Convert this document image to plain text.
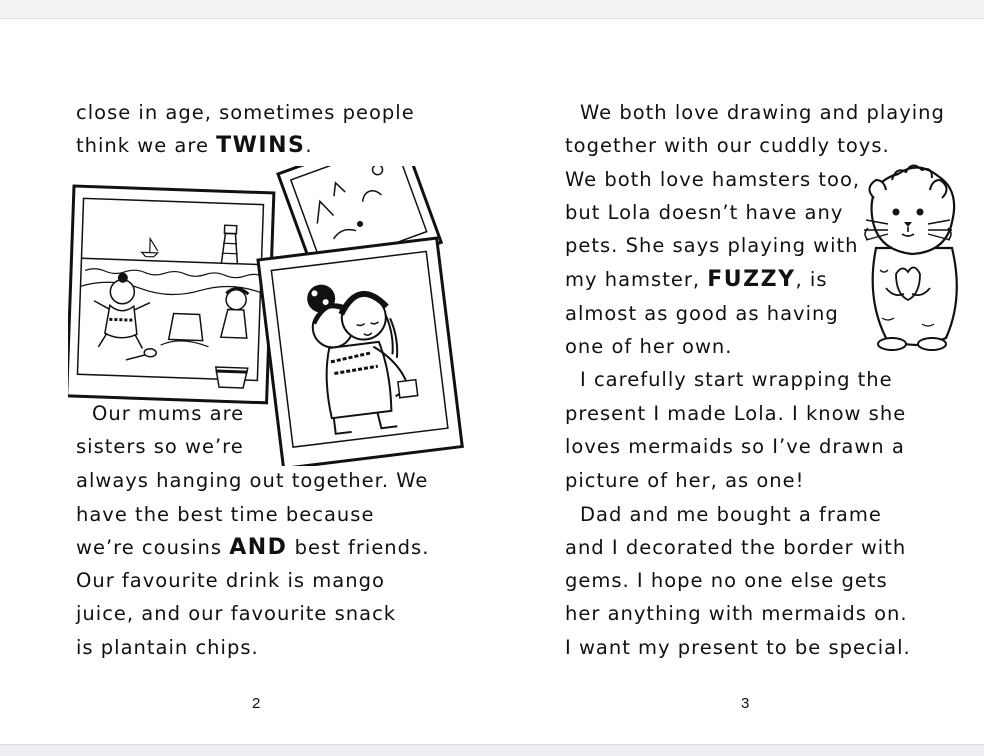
close in age, sometimes people
think we are TWINS.
Our mums are
sisters so we’re
always hanging out together. We
have the best time because
we’re cousins AND best friends.
Our favourite drink is mango
juice, and our favourite snack
is plantain chips.
2
We both love drawing and playing
together with our cuddly toys.
We both love hamsters too,
but Lola doesn’t have any
pets. She says playing with
my hamster, FUZZY, is
almost as good as having
one of her own.
I carefully start wrapping the
present I made Lola. I know she
loves mermaids so I’ve drawn a
picture of her, as one!
Dad and me bought a frame
and I decorated the border with
gems. I hope no one else gets
her anything with mermaids on.
I want my present to be special.
3
